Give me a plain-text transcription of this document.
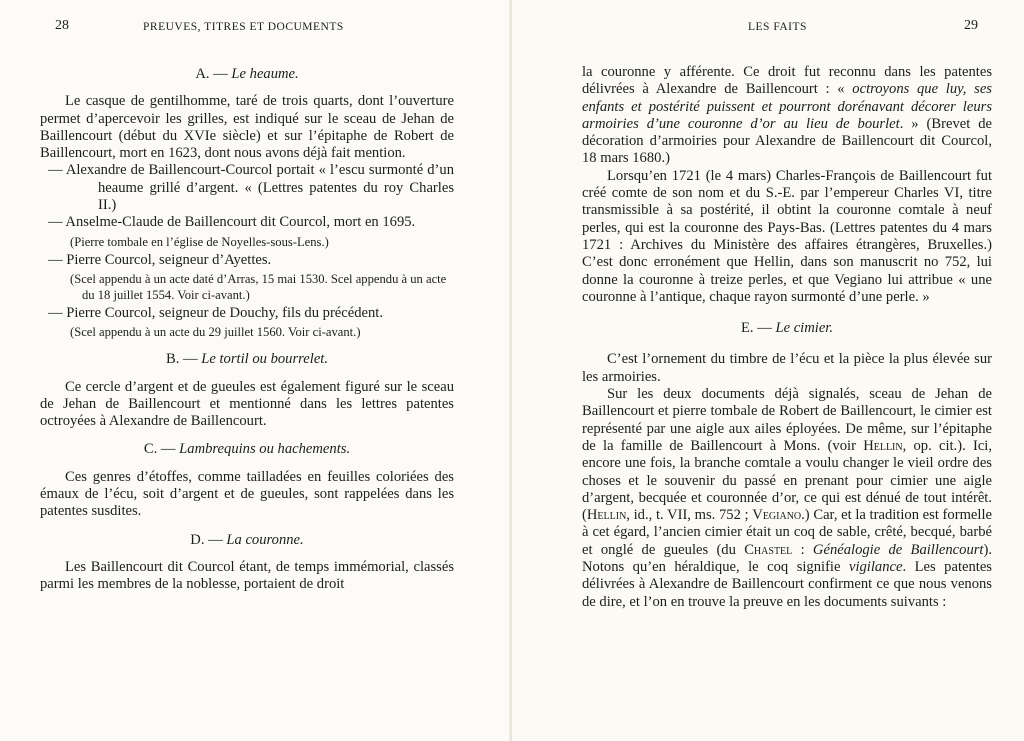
28	PREUVES, TITRES ET DOCUMENTS
A. — Le heaume.

Le casque de gentilhomme, taré de trois quarts, dont l’ouverture permet d’apercevoir les grilles, est indiqué sur le sceau de Jehan de Baillencourt (début du XVIe siècle) et sur l’épitaphe de Robert de Baillencourt, mort en 1623, dont nous avons déjà fait mention.

— Alexandre de Baillencourt-Courcol portait « l’escu surmonté d’un heaume grillé d’argent. « (Lettres patentes du roy Charles II.)

— Anselme-Claude de Baillencourt dit Courcol, mort en 1695.

(Pierre tombale en l’église de Noyelles-sous-Lens.)

— Pierre Courcol, seigneur d’Ayettes.

(Scel appendu à un acte daté d’Arras, 15 mai 1530. Scel appendu à un acte du 18 juillet 1554. Voir ci-avant.)

— Pierre Courcol, seigneur de Douchy, fils du précédent.

(Scel appendu à un acte du 29 juillet 1560. Voir ci-avant.)

B. — Le tortil ou bourrelet.

Ce cercle d’argent et de gueules est également figuré sur le sceau de Jehan de Baillencourt et mentionné dans les lettres patentes octroyées à Alexandre de Baillencourt.

C. — Lambrequins ou hachements.

Ces genres d’étoffes, comme tailladées en feuilles coloriées des émaux de l’écu, soit d’argent et de gueules, sont rappelées dans les patentes susdites.

D. — La couronne.

Les Baillencourt dit Courcol étant, de temps immémorial, classés parmi les membres de la noblesse, portaient de droit

LES FAITS	29

la couronne y afférente. Ce droit fut reconnu dans les patentes délivrées à Alexandre de Baillencourt : « octroyons que luy, ses enfants et postérité puissent et pourront dorénavant décorer leurs armoiries d’une couronne d’or au lieu de bourlet. » (Brevet de décoration d’armoiries pour Alexandre de Baillencourt dit Courcol, 18 mars 1680.)

Lorsqu’en 1721 (le 4 mars) Charles-François de Baillencourt fut créé comte de son nom et du S.-E. par l’empereur Charles VI, titre transmissible à sa postérité, il obtint la couronne comtale à neuf perles, qui est la couronne des Pays-Bas. (Lettres patentes du 4 mars 1721 : Archives du Ministère des affaires étrangères, Bruxelles.) C’est donc erronément que Hellin, dans son manuscrit no 752, lui donne la couronne à treize perles, et que Vegiano lui attribue « une couronne à l’antique, chaque rayon surmonté d’une perle. »

E. — Le cimier.

C’est l’ornement du timbre de l’écu et la pièce la plus élevée sur les armoiries.

Sur les deux documents déjà signalés, sceau de Jehan de Baillencourt et pierre tombale de Robert de Baillencourt, le cimier est représenté par une aigle aux ailes éployées. De même, sur l’épitaphe de la famille de Baillencourt à Mons. (voir Hellin, op. cit.). Ici, encore une fois, la branche comtale a voulu changer le vieil ordre des choses et le souvenir du passé en prenant pour cimier une aigle d’argent, becquée et couronnée d’or, ce qui est dénué de tout intérêt. (Hellin, id., t. VII, ms. 752 ; Vegiano.) Car, et la tradition est formelle à cet égard, l’ancien cimier était un coq de sable, crêté, becqué, barbé et onglé de gueules (du Chastel : Généalogie de Baillencourt). Notons qu’en héraldique, le coq signifie vigilance. Les patentes délivrées à Alexandre de Baillencourt confirment ce que nous venons de dire, et l’on en trouve la preuve en les documents suivants :
